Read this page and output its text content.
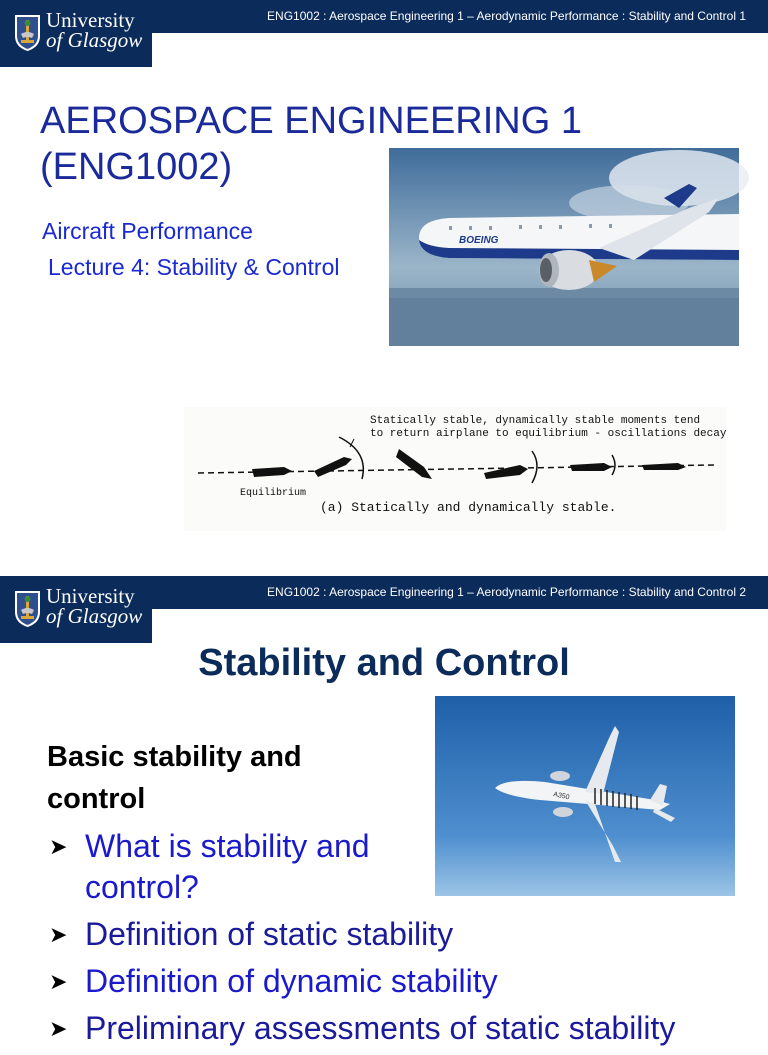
ENG1002 : Aerospace Engineering 1 – Aerodynamic Performance : Stability and Control 1
University
of Glasgow
AEROSPACE ENGINEERING 1
(ENG1002)
Aircraft Performance
Lecture 4: Stability & Control
BOEING
Statically stable, dynamically stable moments tend
to return airplane to equilibrium - oscillations decay
Equilibrium
(a) Statically and dynamically stable.
ENG1002 : Aerospace Engineering 1 – Aerodynamic Performance : Stability and Control 2
University
of Glasgow
Stability and Control
Basic stability and control	A350
➤ What is stability and control?
➤ Definition of static stability
➤ Definition of dynamic stability
➤ Preliminary assessments of static stability
